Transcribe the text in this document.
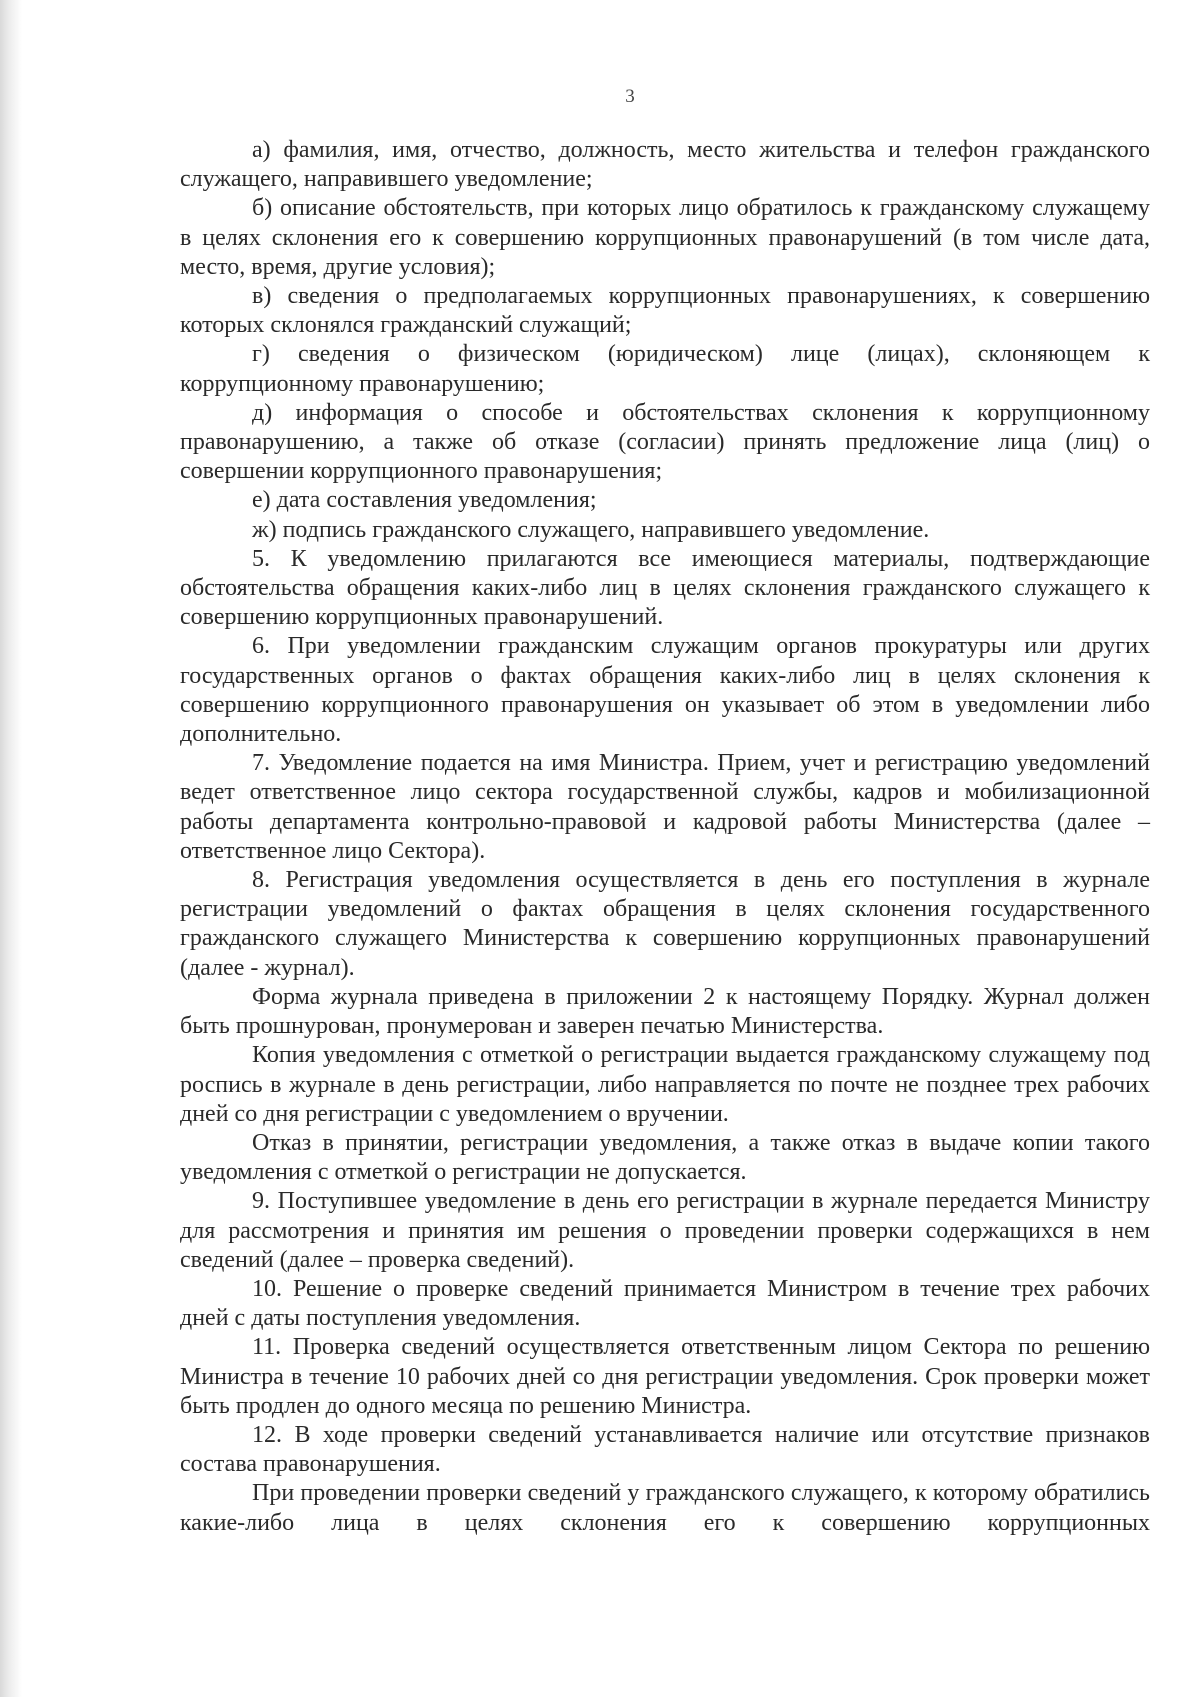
3

а) фамилия, имя, отчество, должность, место жительства и телефон гражданского служащего, направившего уведомление;

б) описание обстоятельств, при которых лицо обратилось к гражданскому служащему в целях склонения его к совершению коррупционных правонарушений (в том числе дата, место, время, другие условия);

в) сведения о предполагаемых коррупционных правонарушениях, к совершению которых склонялся гражданский служащий;

г) сведения о физическом (юридическом) лице (лицах), склоняющем к коррупционному правонарушению;

д) информация о способе и обстоятельствах склонения к коррупционному правонарушению, а также об отказе (согласии) принять предложение лица (лиц) о совершении коррупционного правонарушения;

е) дата составления уведомления;

ж) подпись гражданского служащего, направившего уведомление.

5. К уведомлению прилагаются все имеющиеся материалы, подтверждающие обстоятельства обращения каких-либо лиц в целях склонения гражданского служащего к совершению коррупционных правонарушений.

6. При уведомлении гражданским служащим органов прокуратуры или других государственных органов о фактах обращения каких-либо лиц в целях склонения к совершению коррупционного правонарушения он указывает об этом в уведомлении либо дополнительно.

7. Уведомление подается на имя Министра. Прием, учет и регистрацию уведомлений ведет ответственное лицо сектора государственной службы, кадров и мобилизационной работы департамента контрольно-правовой и кадровой работы Министерства (далее – ответственное лицо Сектора).

8. Регистрация уведомления осуществляется в день его поступления в журнале регистрации уведомлений о фактах обращения в целях склонения государственного гражданского служащего Министерства к совершению коррупционных правонарушений (далее - журнал).

Форма журнала приведена в приложении 2 к настоящему Порядку. Журнал должен быть прошнурован, пронумерован и заверен печатью Министерства.

Копия уведомления с отметкой о регистрации выдается гражданскому служащему под роспись в журнале в день регистрации, либо направляется по почте не позднее трех рабочих дней со дня регистрации с уведомлением о вручении.

Отказ в принятии, регистрации уведомления, а также отказ в выдаче копии такого уведомления с отметкой о регистрации не допускается.

9. Поступившее уведомление в день его регистрации в журнале передается Министру для рассмотрения и принятия им решения о проведении проверки содержащихся в нем сведений (далее – проверка сведений).

10. Решение о проверке сведений принимается Министром в течение трех рабочих дней с даты поступления уведомления.

11. Проверка сведений осуществляется ответственным лицом Сектора по решению Министра в течение 10 рабочих дней со дня регистрации уведомления. Срок проверки может быть продлен до одного месяца по решению Министра.

12. В ходе проверки сведений устанавливается наличие или отсутствие признаков состава правонарушения.

При проведении проверки сведений у гражданского служащего, к которому обратились какие-либо лица в целях склонения его к совершению коррупционных
